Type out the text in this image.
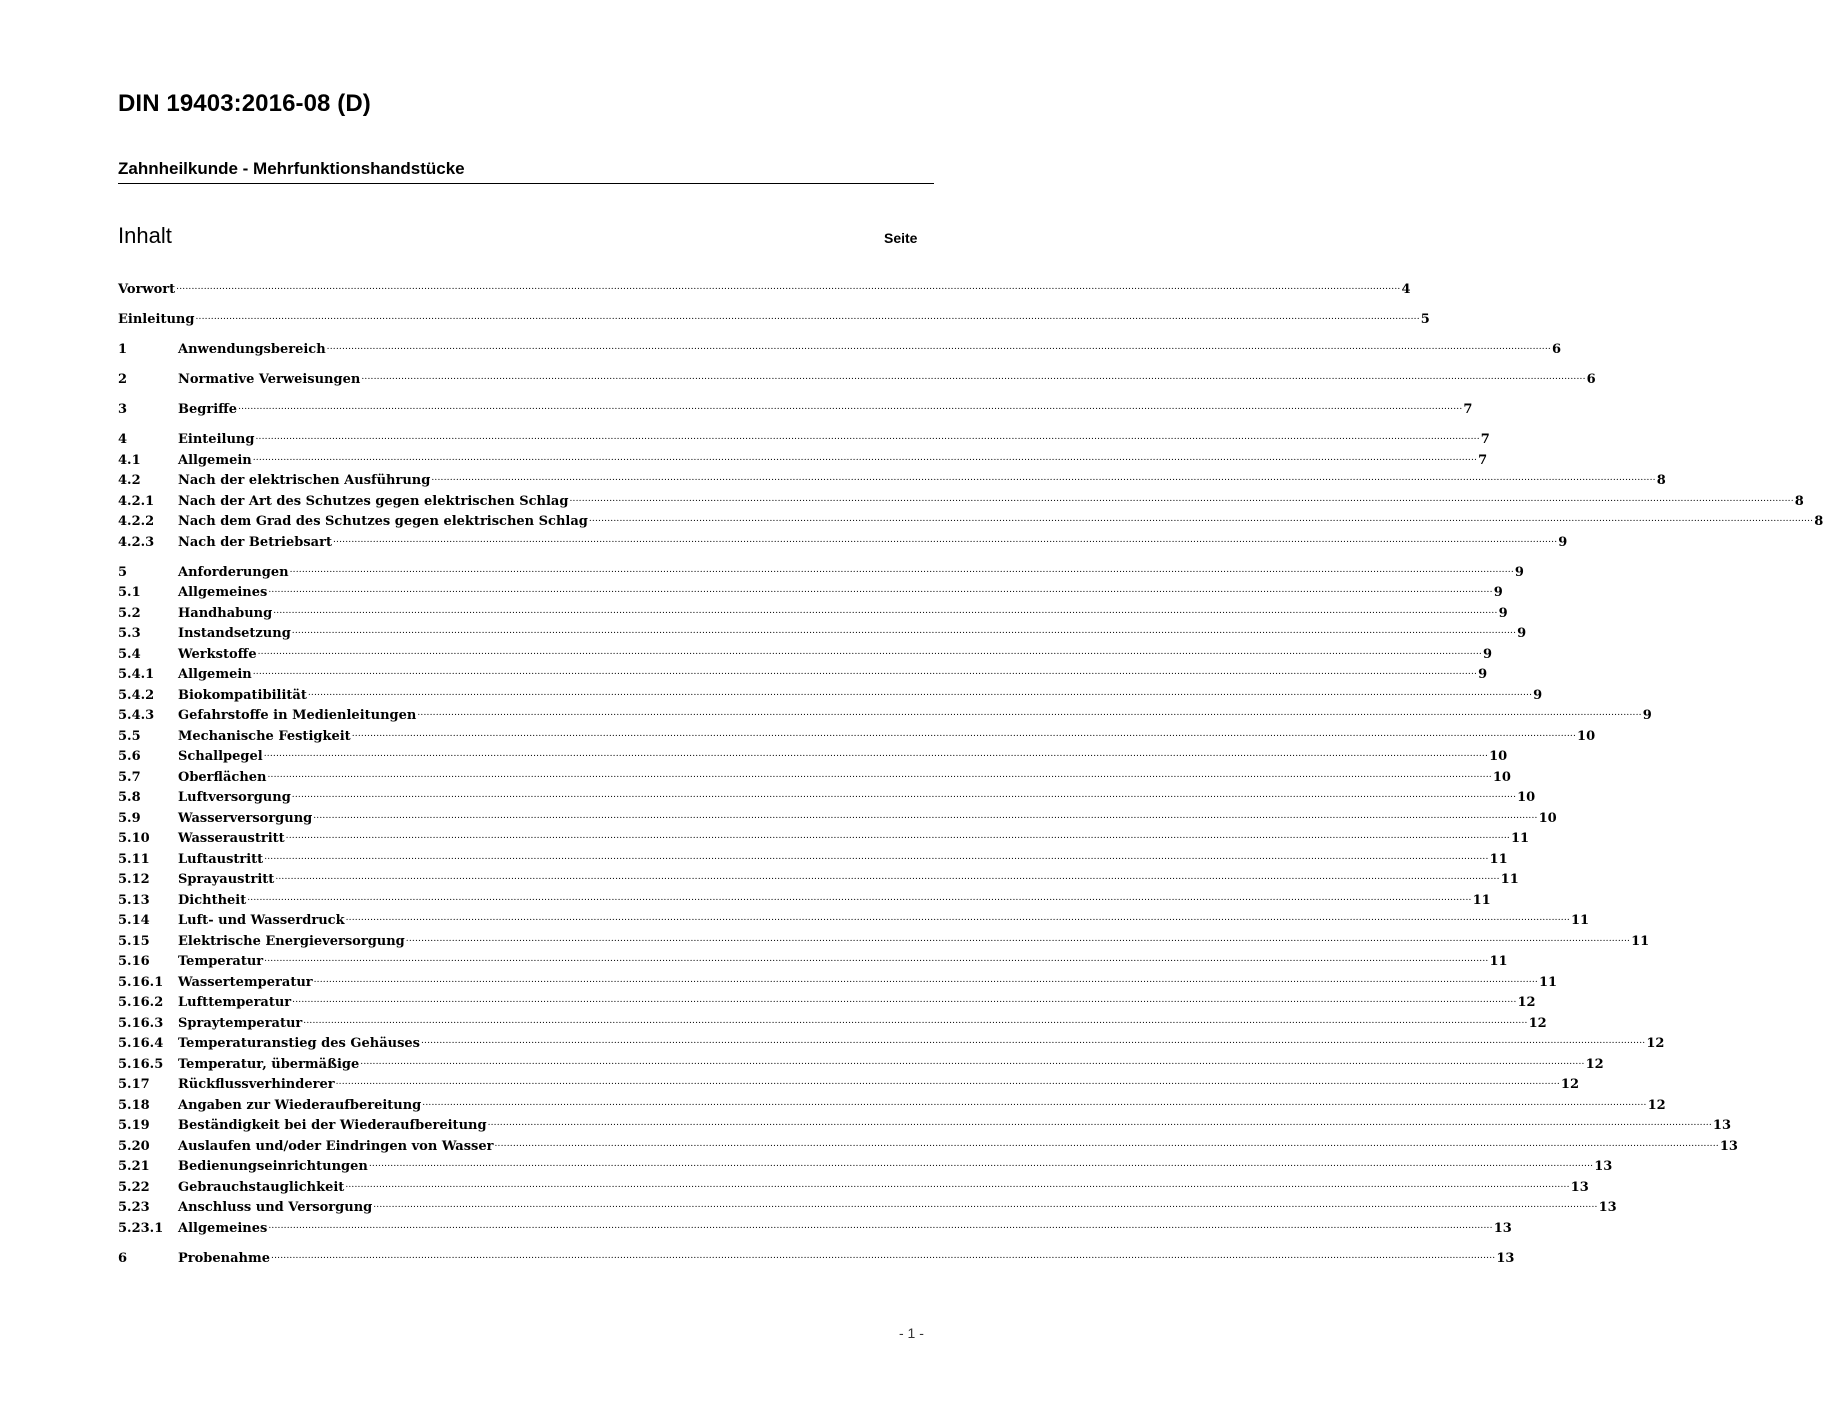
DIN 19403:2016-08 (D)
Zahnheilkunde - Mehrfunktionshandstücke
Inhalt	Seite
Vorwort ................................................................................................................................................................................................................................................................................................................................................................................................................ 4
Einleitung ................................................................................................................................................................................................................................................................................................................................................................................................................ 5
1	Anwendungsbereich ................................................................................................................................................................................................................................................................................................................................................................................................................ 6
2	Normative Verweisungen ................................................................................................................................................................................................................................................................................................................................................................................................................ 6
3	Begriffe ................................................................................................................................................................................................................................................................................................................................................................................................................ 7
4	Einteilung ................................................................................................................................................................................................................................................................................................................................................................................................................ 7
4.1	Allgemein ................................................................................................................................................................................................................................................................................................................................................................................................................ 7
4.2	Nach der elektrischen Ausführung ................................................................................................................................................................................................................................................................................................................................................................................................................ 8
4.2.1	Nach der Art des Schutzes gegen elektrischen Schlag ................................................................................................................................................................................................................................................................................................................................................................................................................ 8
4.2.2	Nach dem Grad des Schutzes gegen elektrischen Schlag ................................................................................................................................................................................................................................................................................................................................................................................................................ 8
4.2.3	Nach der Betriebsart ................................................................................................................................................................................................................................................................................................................................................................................................................ 9
5	Anforderungen ................................................................................................................................................................................................................................................................................................................................................................................................................ 9
5.1	Allgemeines ................................................................................................................................................................................................................................................................................................................................................................................................................ 9
5.2	Handhabung ................................................................................................................................................................................................................................................................................................................................................................................................................ 9
5.3	Instandsetzung ................................................................................................................................................................................................................................................................................................................................................................................................................ 9
5.4	Werkstoffe ................................................................................................................................................................................................................................................................................................................................................................................................................ 9
5.4.1	Allgemein ................................................................................................................................................................................................................................................................................................................................................................................................................ 9
5.4.2	Biokompatibilität ................................................................................................................................................................................................................................................................................................................................................................................................................ 9
5.4.3	Gefahrstoffe in Medienleitungen ................................................................................................................................................................................................................................................................................................................................................................................................................ 9
5.5	Mechanische Festigkeit ................................................................................................................................................................................................................................................................................................................................................................................................................ 10
5.6	Schallpegel ................................................................................................................................................................................................................................................................................................................................................................................................................ 10
5.7	Oberflächen ................................................................................................................................................................................................................................................................................................................................................................................................................ 10
5.8	Luftversorgung ................................................................................................................................................................................................................................................................................................................................................................................................................ 10
5.9	Wasserversorgung ................................................................................................................................................................................................................................................................................................................................................................................................................ 10
5.10	Wasseraustritt ................................................................................................................................................................................................................................................................................................................................................................................................................ 11
5.11	Luftaustritt ................................................................................................................................................................................................................................................................................................................................................................................................................ 11
5.12	Sprayaustritt ................................................................................................................................................................................................................................................................................................................................................................................................................ 11
5.13	Dichtheit ................................................................................................................................................................................................................................................................................................................................................................................................................ 11
5.14	Luft- und Wasserdruck ................................................................................................................................................................................................................................................................................................................................................................................................................ 11
5.15	Elektrische Energieversorgung ................................................................................................................................................................................................................................................................................................................................................................................................................ 11
5.16	Temperatur ................................................................................................................................................................................................................................................................................................................................................................................................................ 11
5.16.1	Wassertemperatur ................................................................................................................................................................................................................................................................................................................................................................................................................ 11
5.16.2	Lufttemperatur ................................................................................................................................................................................................................................................................................................................................................................................................................ 12
5.16.3	Spraytemperatur ................................................................................................................................................................................................................................................................................................................................................................................................................ 12
5.16.4	Temperaturanstieg des Gehäuses ................................................................................................................................................................................................................................................................................................................................................................................................................ 12
5.16.5	Temperatur, übermäßige ................................................................................................................................................................................................................................................................................................................................................................................................................ 12
5.17	Rückflussverhinderer ................................................................................................................................................................................................................................................................................................................................................................................................................ 12
5.18	Angaben zur Wiederaufbereitung ................................................................................................................................................................................................................................................................................................................................................................................................................ 12
5.19	Beständigkeit bei der Wiederaufbereitung ................................................................................................................................................................................................................................................................................................................................................................................................................ 13
5.20	Auslaufen und/oder Eindringen von Wasser ................................................................................................................................................................................................................................................................................................................................................................................................................ 13
5.21	Bedienungseinrichtungen ................................................................................................................................................................................................................................................................................................................................................................................................................ 13
5.22	Gebrauchstauglichkeit ................................................................................................................................................................................................................................................................................................................................................................................................................ 13
5.23	Anschluss und Versorgung ................................................................................................................................................................................................................................................................................................................................................................................................................ 13
5.23.1	Allgemeines ................................................................................................................................................................................................................................................................................................................................................................................................................ 13
6	Probenahme ................................................................................................................................................................................................................................................................................................................................................................................................................ 13
- 1 -
